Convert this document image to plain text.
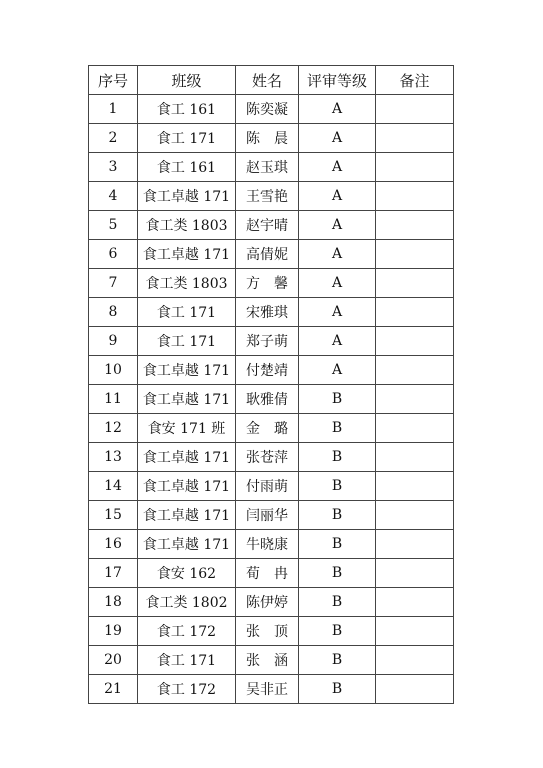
序号	班级	姓名	评审等级	备注
1	食工 161	陈奕凝	A	
2	食工 171	陈　晨	A	
3	食工 161	赵玉琪	A	
4	食工卓越 171	王雪艳	A	
5	食工类 1803	赵宇晴	A	
6	食工卓越 171	高倩妮	A	
7	食工类 1803	方　馨	A	
8	食工 171	宋雅琪	A	
9	食工 171	郑子萌	A	
10	食工卓越 171	付楚靖	A	
11	食工卓越 171	耿雅倩	B	
12	食安 171 班	金　璐	B	
13	食工卓越 171	张苍萍	B	
14	食工卓越 171	付雨萌	B	
15	食工卓越 171	闫丽华	B	
16	食工卓越 171	牛晓康	B	
17	食安 162	荀　冉	B	
18	食工类 1802	陈伊婷	B	
19	食工 172	张　顶	B	
20	食工 171	张　涵	B	
21	食工 172	吴非正	B	
